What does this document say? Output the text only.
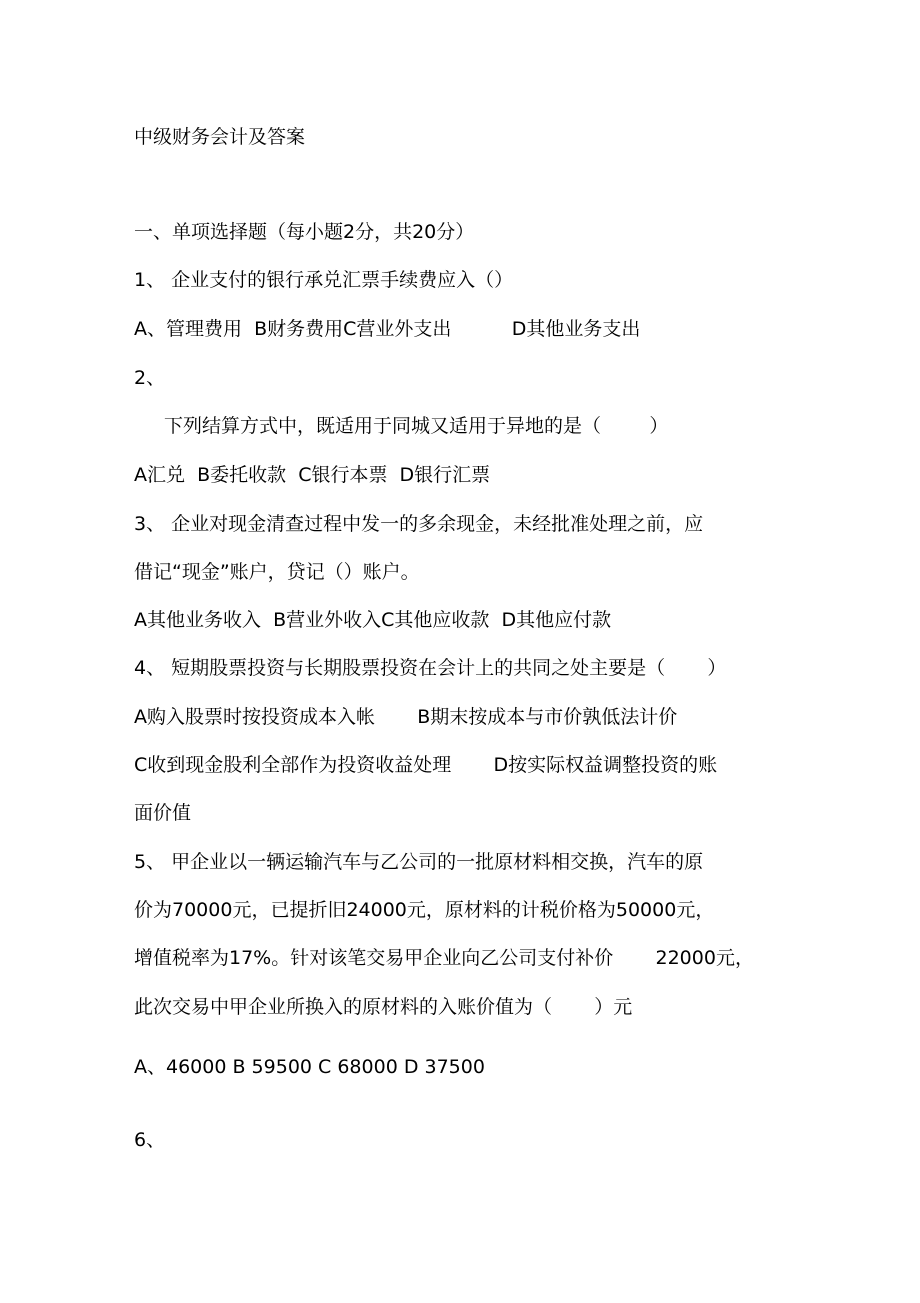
中级财务会计及答案
一、单项选择题（每小题2分，共20分）
1、 企业支付的银行承兑汇票手续费应入（）
A、管理费用  B财务费用C营业外支出          D其他业务支出
2、
下列结算方式中，既适用于同城又适用于异地的是（        ）
A汇兑  B委托收款  C银行本票  D银行汇票
3、 企业对现金清查过程中发一的多余现金，未经批准处理之前，应
借记“现金”账户，贷记（）账户。
A其他业务收入  B营业外收入C其他应收款  D其他应付款
4、 短期股票投资与长期股票投资在会计上的共同之处主要是（       ）
A购入股票时按投资成本入帐       B期末按成本与市价孰低法计价
C收到现金股利全部作为投资收益处理       D按实际权益调整投资的账
面价值
5、 甲企业以一辆运输汽车与乙公司的一批原材料相交换，汽车的原
价为70000元，已提折旧24000元，原材料的计税价格为50000元，
增值税率为17%。针对该笔交易甲企业向乙公司支付补价       22000元，
此次交易中甲企业所换入的原材料的入账价值为（       ）元
A、46000 B 59500 C 68000 D 37500
6、
